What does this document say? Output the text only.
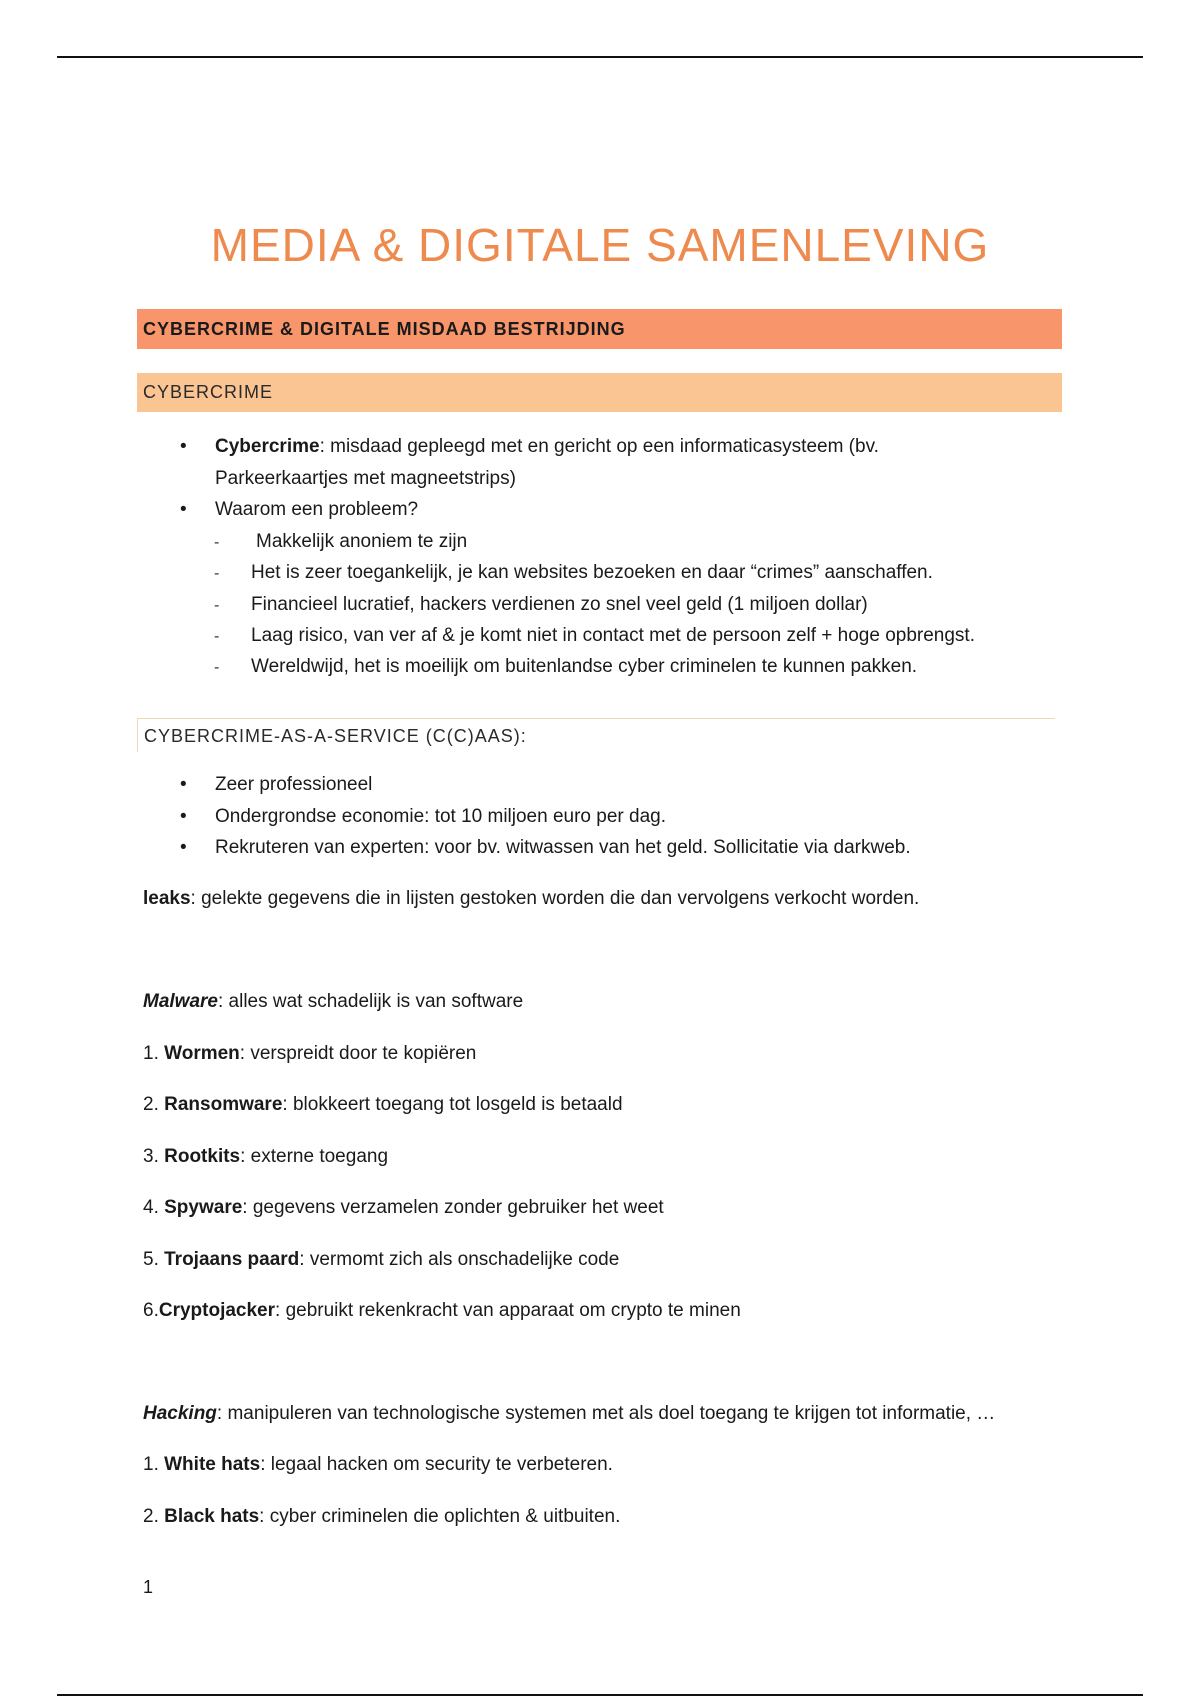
MEDIA & DIGITALE SAMENLEVING
CYBERCRIME & DIGITALE MISDAAD BESTRIJDING
CYBERCRIME
• Cybercrime: misdaad gepleegd met en gericht op een informaticasysteem (bv.
Parkeerkaartjes met magneetstrips)
• Waarom een probleem?
- Makkelijk anoniem te zijn
- Het is zeer toegankelijk, je kan websites bezoeken en daar “crimes” aanschaffen.
- Financieel lucratief, hackers verdienen zo snel veel geld (1 miljoen dollar)
- Laag risico, van ver af & je komt niet in contact met de persoon zelf + hoge opbrengst.
- Wereldwijd, het is moeilijk om buitenlandse cyber criminelen te kunnen pakken.
CYBERCRIME-AS-A-SERVICE (C(C)AAS):
• Zeer professioneel
• Ondergrondse economie: tot 10 miljoen euro per dag.
• Rekruteren van experten: voor bv. witwassen van het geld. Sollicitatie via darkweb.
leaks: gelekte gegevens die in lijsten gestoken worden die dan vervolgens verkocht worden.
Malware: alles wat schadelijk is van software
1. Wormen: verspreidt door te kopiëren
2. Ransomware: blokkeert toegang tot losgeld is betaald
3. Rootkits: externe toegang
4. Spyware: gegevens verzamelen zonder gebruiker het weet
5. Trojaans paard: vermomt zich als onschadelijke code
6.Cryptojacker: gebruikt rekenkracht van apparaat om crypto te minen
Hacking: manipuleren van technologische systemen met als doel toegang te krijgen tot informatie, …
1. White hats: legaal hacken om security te verbeteren.
2. Black hats: cyber criminelen die oplichten & uitbuiten.
1
